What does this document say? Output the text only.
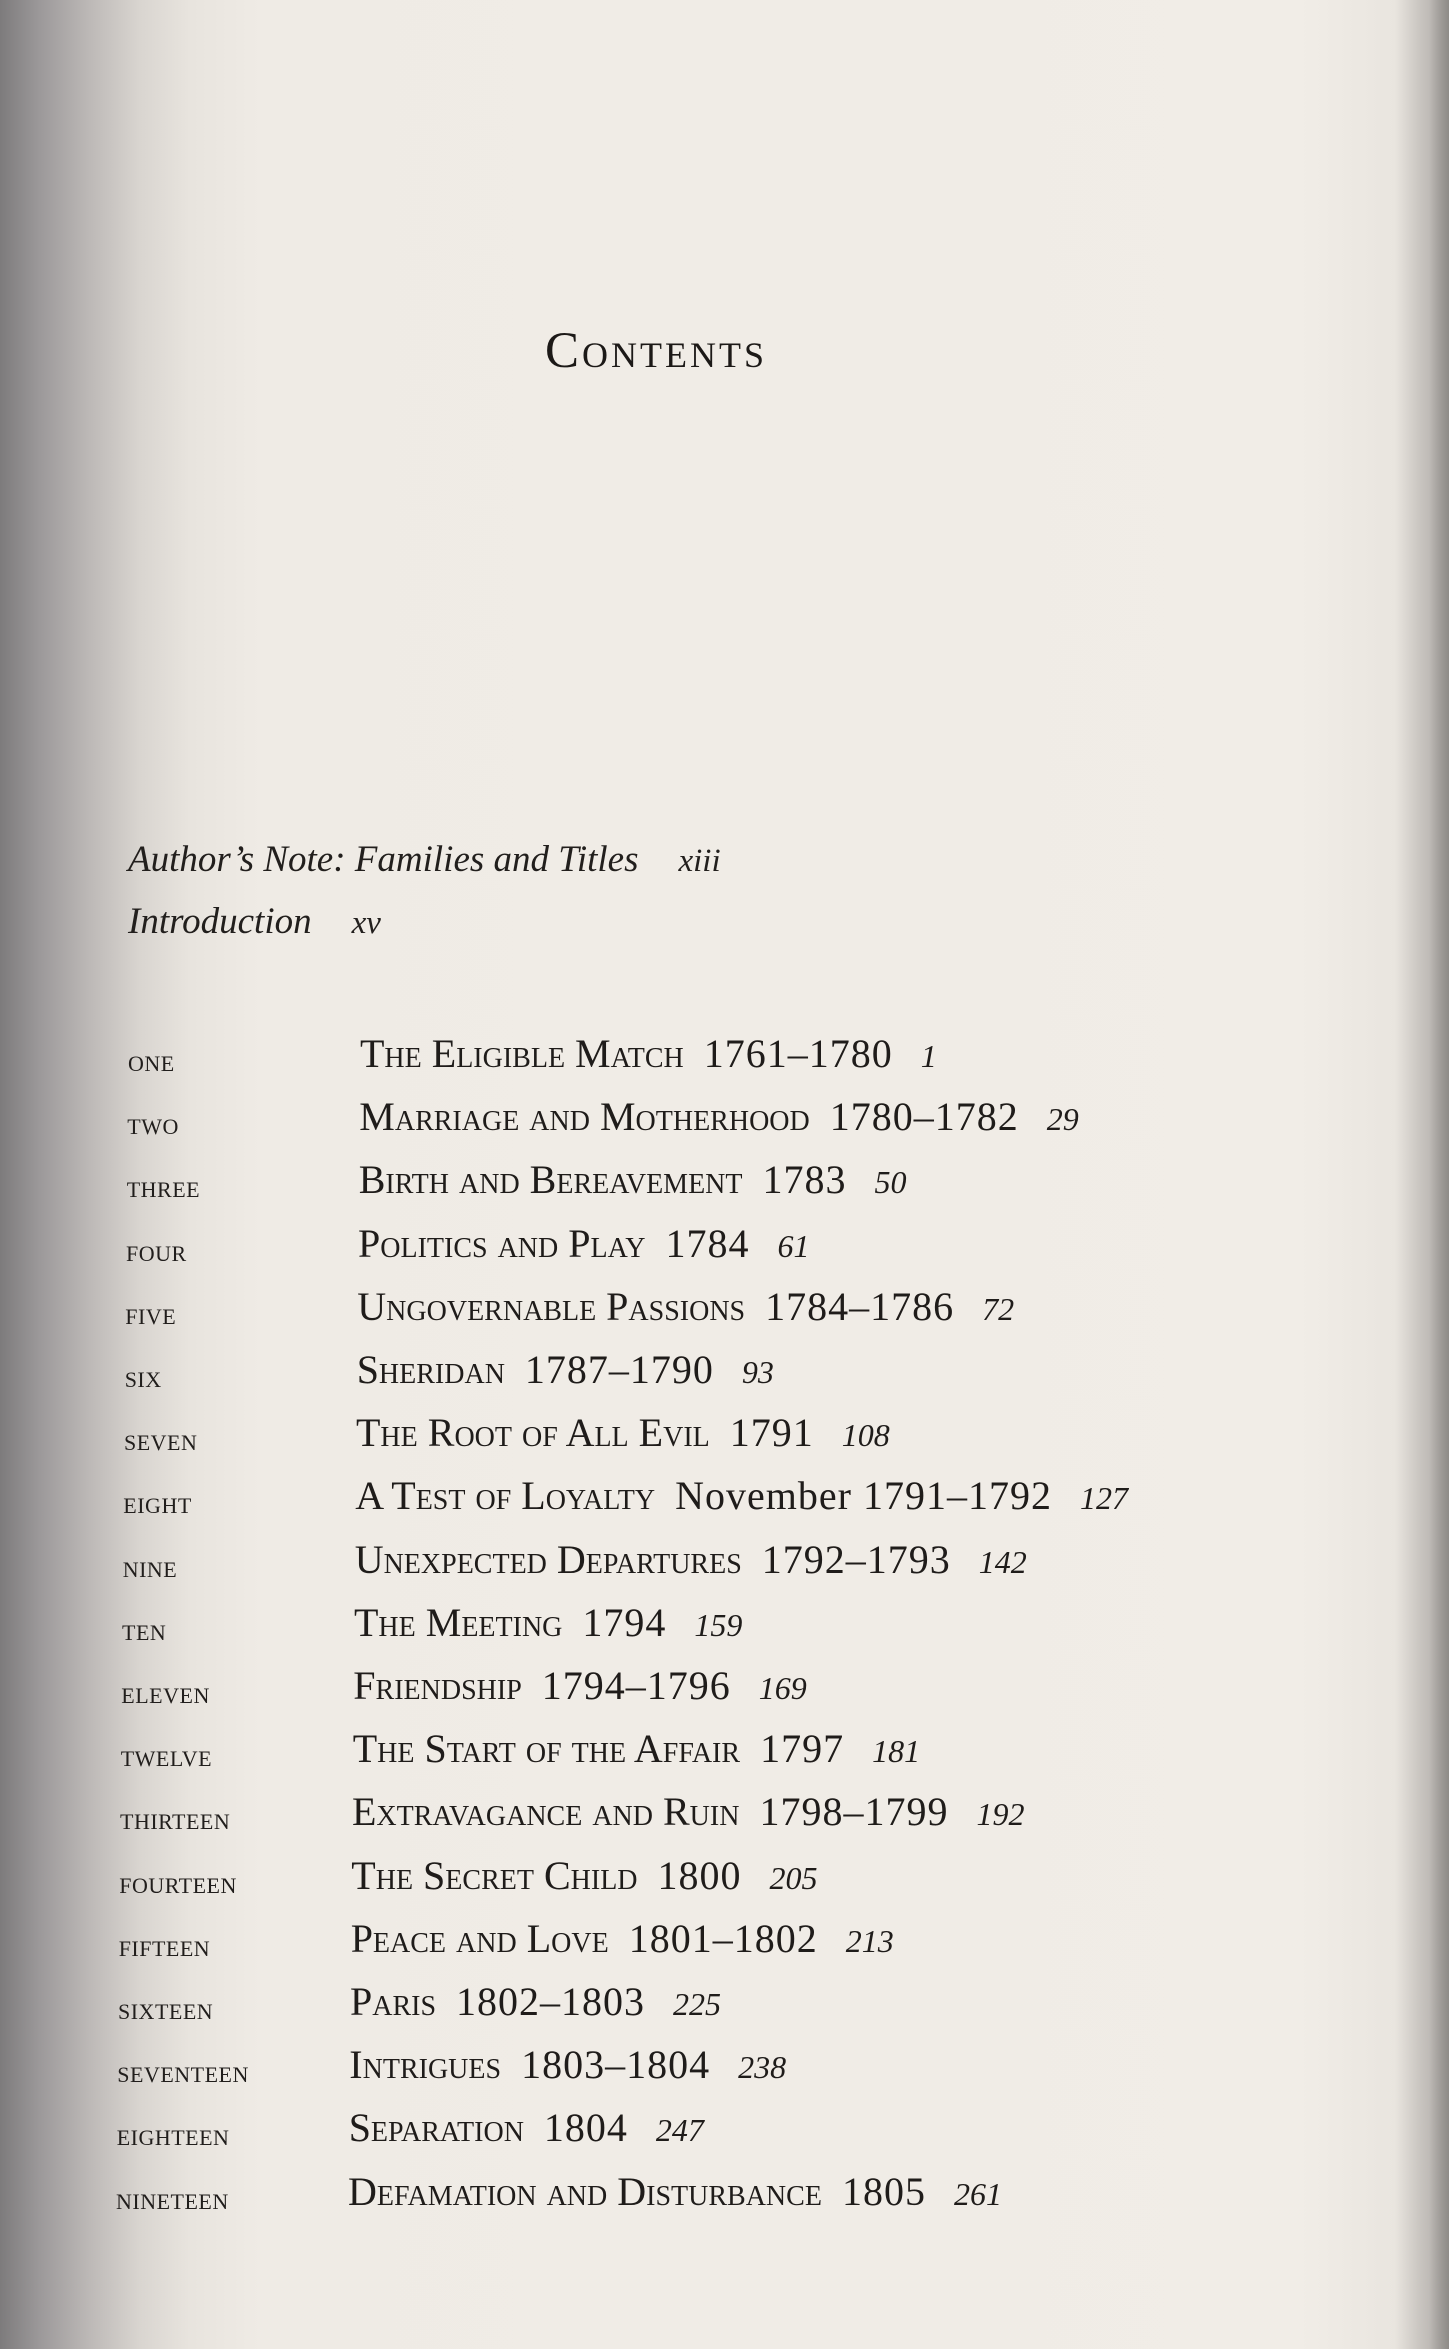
Contents
Author’s Note: Families and Titles xiii
Introduction xv
one	The Eligible Match 1761–1780 1
two	Marriage and Motherhood 1780–1782 29
three	Birth and Bereavement 1783 50
four	Politics and Play 1784 61
five	Ungovernable Passions 1784–1786 72
six	Sheridan 1787–1790 93
seven	The Root of All Evil 1791 108
eight	A Test of Loyalty November 1791–1792 127
nine	Unexpected Departures 1792–1793 142
ten	The Meeting 1794 159
eleven	Friendship 1794–1796 169
twelve	The Start of the Affair 1797 181
thirteen	Extravagance and Ruin 1798–1799 192
fourteen	The Secret Child 1800 205
fifteen	Peace and Love 1801–1802 213
sixteen	Paris 1802–1803 225
seventeen	Intrigues 1803–1804 238
eighteen	Separation 1804 247
nineteen	Defamation and Disturbance 1805 261
